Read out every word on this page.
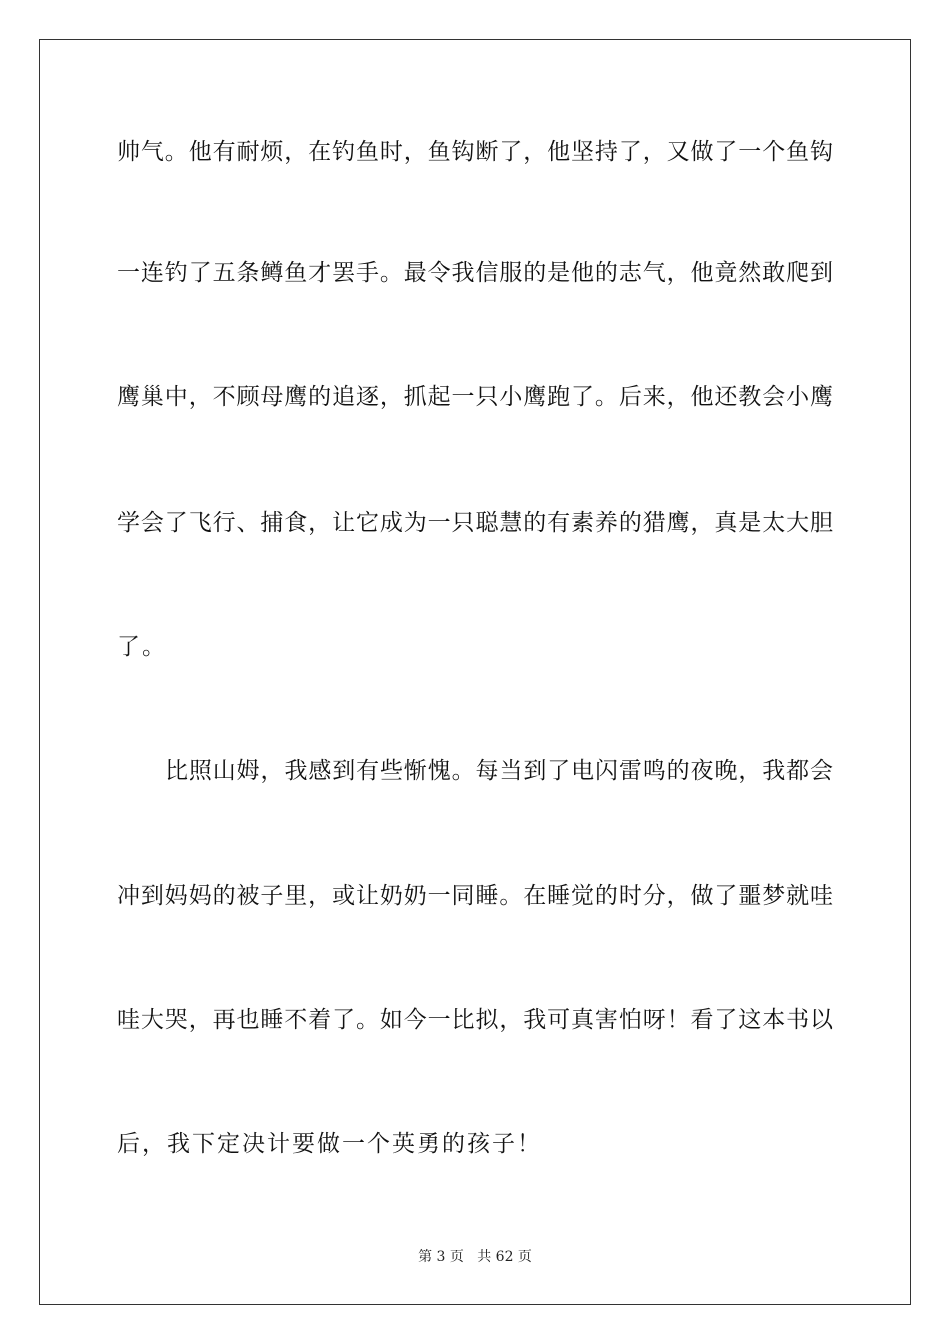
帅气。他有耐烦，在钓鱼时，鱼钩断了，他坚持了，又做了一个鱼钩
一连钓了五条鳟鱼才罢手。最令我信服的是他的志气，他竟然敢爬到
鹰巢中，不顾母鹰的追逐，抓起一只小鹰跑了。后来，他还教会小鹰
学会了飞行、捕食，让它成为一只聪慧的有素养的猎鹰，真是太大胆
了。
比照山姆，我感到有些惭愧。每当到了电闪雷鸣的夜晚，我都会
冲到妈妈的被子里，或让奶奶一同睡。在睡觉的时分，做了噩梦就哇
哇大哭，再也睡不着了。如今一比拟，我可真害怕呀！看了这本书以
后，我下定决计要做一个英勇的孩子！
第 3 页   共 62 页
